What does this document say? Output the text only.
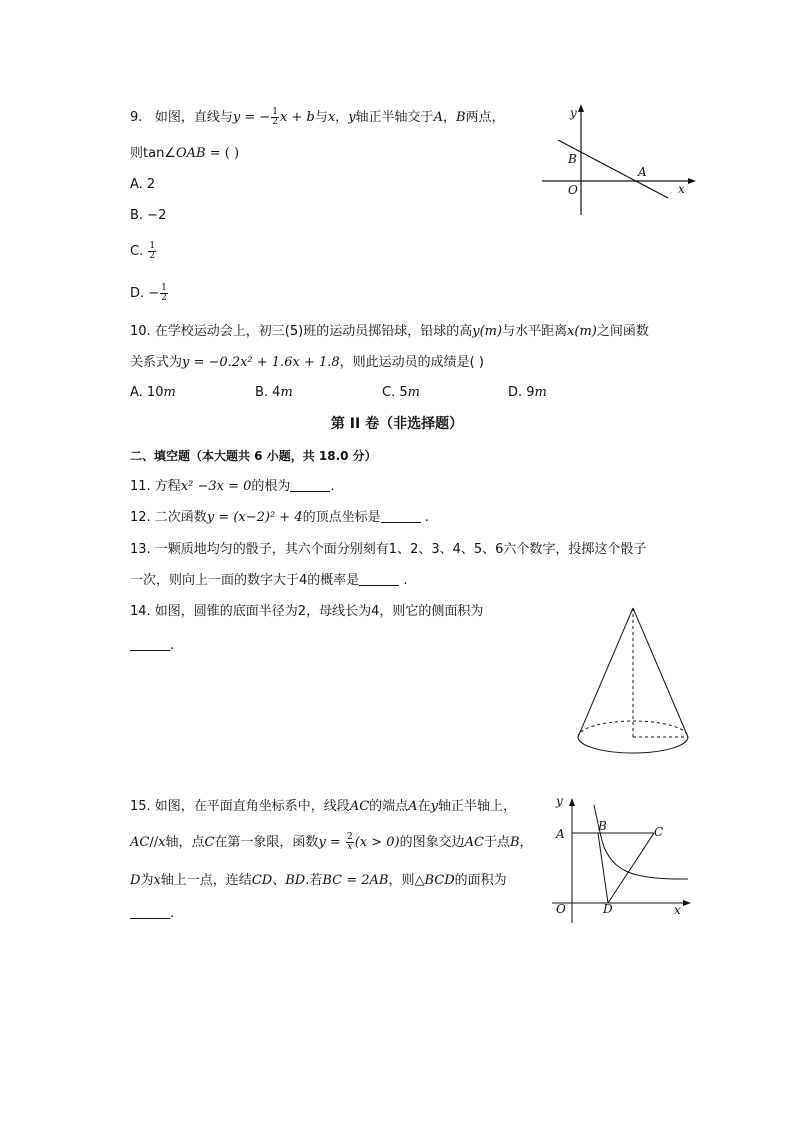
9. 如图，直线与y = − $\frac{1}{2}$ x + b与x，y轴正半轴交于A，B两点，
则tan∠OAB = ( )
A. 2
B. −2
C. $\frac{1}{2}$
D. − $\frac{1}{2}$
y
B
A
O	x
10. 在学校运动会上，初三(5)班的运动员掷铅球，铅球的高y(m)与水平距离x(m)之间函数
关系式为y = −0.2x² + 1.6x + 1.8，则此运动员的成绩是( )
A. 10m	B. 4m	C. 5m	D. 9m
第 II 卷（非选择题）
二、填空题（本大题共 6 小题，共 18.0 分）
11. 方程x² −3x = 0的根为	.
12. 二次函数y = (x−2)² + 4的顶点坐标是	.
13. 一颗质地均匀的骰子，其六个面分别刻有1、2、3、4、5、6六个数字，投掷这个骰子
一次，则向上一面的数字大于4的概率是	.
14. 如图，圆锥的底面半径为2，母线长为4，则它的侧面积为
.
15. 如图，在平面直角坐标系中，线段AC的端点A在y轴正半轴上，
AC//x轴，点C在第一象限，函数$y = \frac{2}{x} (x > 0)$的图象交边AC于点B，
D为x轴上一点，连结CD、BD.若BC = 2AB，则△BCD的面积为
.
y
A
B	C
O	D	x
